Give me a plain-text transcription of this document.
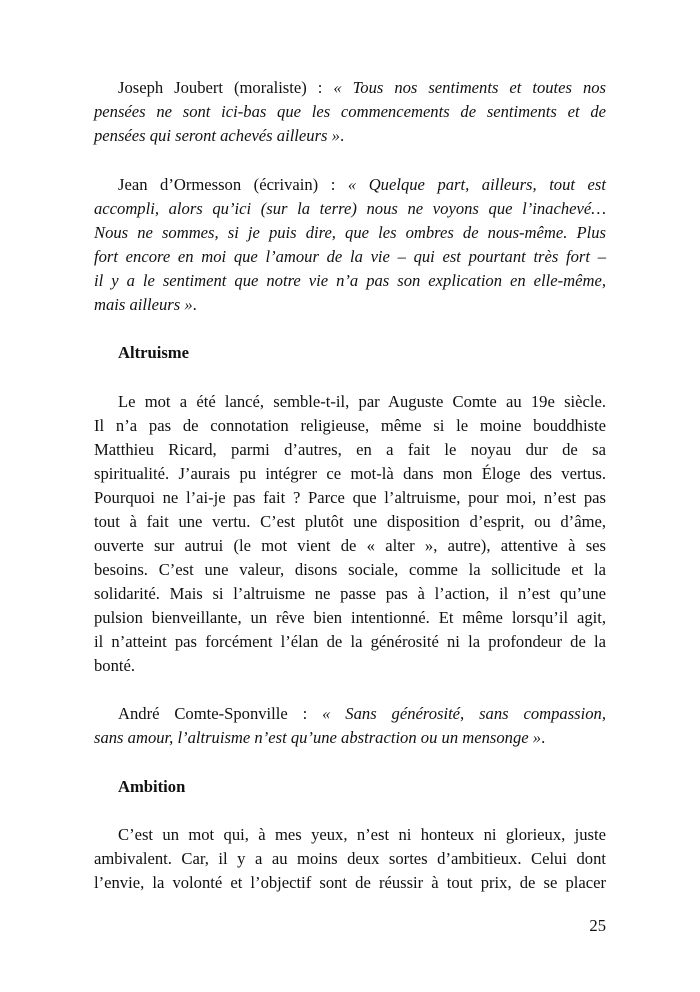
Joseph Joubert (moraliste) : « Tous nos sentiments et toutes nos
pensées ne sont ici-bas que les commencements de sentiments et de
pensées qui seront achevés ailleurs ».
Jean d’Ormesson (écrivain) : « Quelque part, ailleurs, tout est
accompli, alors qu’ici (sur la terre) nous ne voyons que l’inachevé…
Nous ne sommes, si je puis dire, que les ombres de nous-même. Plus
fort encore en moi que l’amour de la vie – qui est pourtant très fort –
il y a le sentiment que notre vie n’a pas son explication en elle-même,
mais ailleurs ».
Altruisme
Le mot a été lancé, semble-t-il, par Auguste Comte au 19e siècle.
Il n’a pas de connotation religieuse, même si le moine bouddhiste
Matthieu Ricard, parmi d’autres, en a fait le noyau dur de sa
spiritualité. J’aurais pu intégrer ce mot-là dans mon Éloge des vertus.
Pourquoi ne l’ai-je pas fait ? Parce que l’altruisme, pour moi, n’est pas
tout à fait une vertu. C’est plutôt une disposition d’esprit, ou d’âme,
ouverte sur autrui (le mot vient de « alter », autre), attentive à ses
besoins. C’est une valeur, disons sociale, comme la sollicitude et la
solidarité. Mais si l’altruisme ne passe pas à l’action, il n’est qu’une
pulsion bienveillante, un rêve bien intentionné. Et même lorsqu’il agit,
il n’atteint pas forcément l’élan de la générosité ni la profondeur de la
bonté.
André Comte-Sponville : « Sans générosité, sans compassion,
sans amour, l’altruisme n’est qu’une abstraction ou un mensonge ».
Ambition
C’est un mot qui, à mes yeux, n’est ni honteux ni glorieux, juste
ambivalent. Car, il y a au moins deux sortes d’ambitieux. Celui dont
l’envie, la volonté et l’objectif sont de réussir à tout prix, de se placer
25
